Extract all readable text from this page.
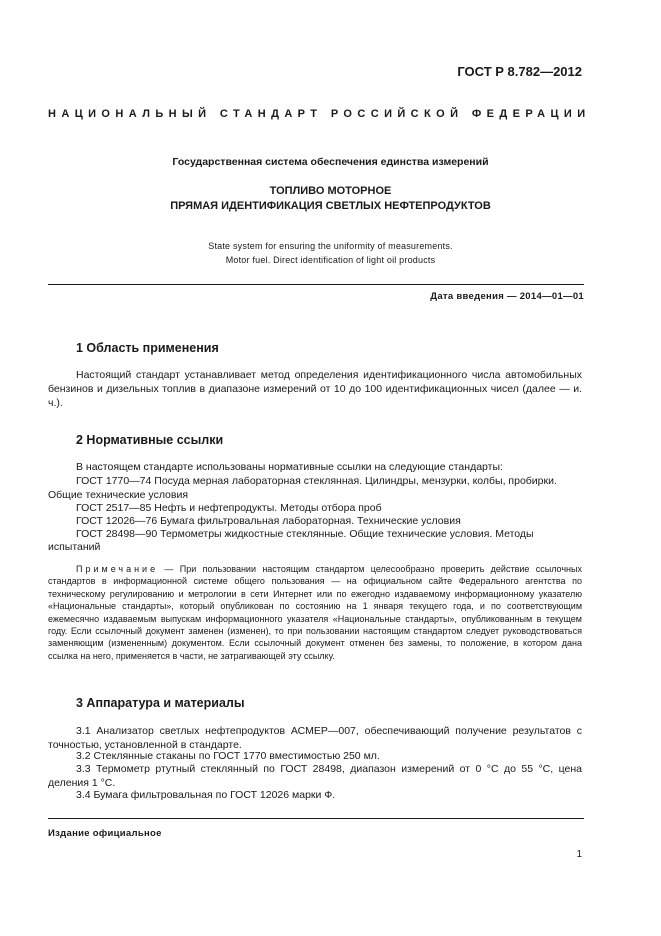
ГОСТ Р 8.782—2012
НАЦИОНАЛЬНЫЙ СТАНДАРТ РОССИЙСКОЙ ФЕДЕРАЦИИ
Государственная система обеспечения единства измерений
ТОПЛИВО МОТОРНОЕ
ПРЯМАЯ ИДЕНТИФИКАЦИЯ СВЕТЛЫХ НЕФТЕПРОДУКТОВ
State system for ensuring the uniformity of measurements.
Motor fuel. Direct identification of light oil products
Дата введения — 2014—01—01
1 Область применения

Настоящий стандарт устанавливает метод определения идентификационного числа автомобильных бензинов и дизельных топлив в диапазоне измерений от 10 до 100 идентификационных чисел (далее — и. ч.).

2 Нормативные ссылки

В настоящем стандарте использованы нормативные ссылки на следующие стандарты:

ГОСТ 1770—74 Посуда мерная лабораторная стеклянная. Цилиндры, мензурки, колбы, пробирки.

Общие технические условия

ГОСТ 2517—85 Нефть и нефтепродукты. Методы отбора проб

ГОСТ 12026—76 Бумага фильтровальная лабораторная. Технические условия

ГОСТ 28498—90 Термометры жидкостные стеклянные. Общие технические условия. Методы

испытаний

Примечание — При пользовании настоящим стандартом целесообразно проверить действие ссылочных стандартов в информационной системе общего пользования — на официальном сайте Федерального агентства по техническому регулированию и метрологии в сети Интернет или по ежегодно издаваемому информационному указателю «Национальные стандарты», который опубликован по состоянию на 1 января текущего года, и по соответствующим ежемесячно издаваемым выпускам информационного указателя «Национальные стандарты», опубликованным в текущем году. Если ссылочный документ заменен (изменен), то при пользовании настоящим стандартом следует руководствоваться заменяющим (измененным) документом. Если ссылочный документ отменен без замены, то положение, в котором дана ссылка на него, применяется в части, не затрагивающей эту ссылку.

3 Аппаратура и материалы

3.1 Анализатор светлых нефтепродуктов АСМЕР—007, обеспечивающий получение результатов с точностью, установленной в стандарте.

3.2 Стеклянные стаканы по ГОСТ 1770 вместимостью 250 мл.

3.3 Термометр ртутный стеклянный по ГОСТ 28498, диапазон измерений от 0 °С до 55 °С, цена деления 1 °С.

3.4 Бумага фильтровальная по ГОСТ 12026 марки Ф.

Издание официальное
1
